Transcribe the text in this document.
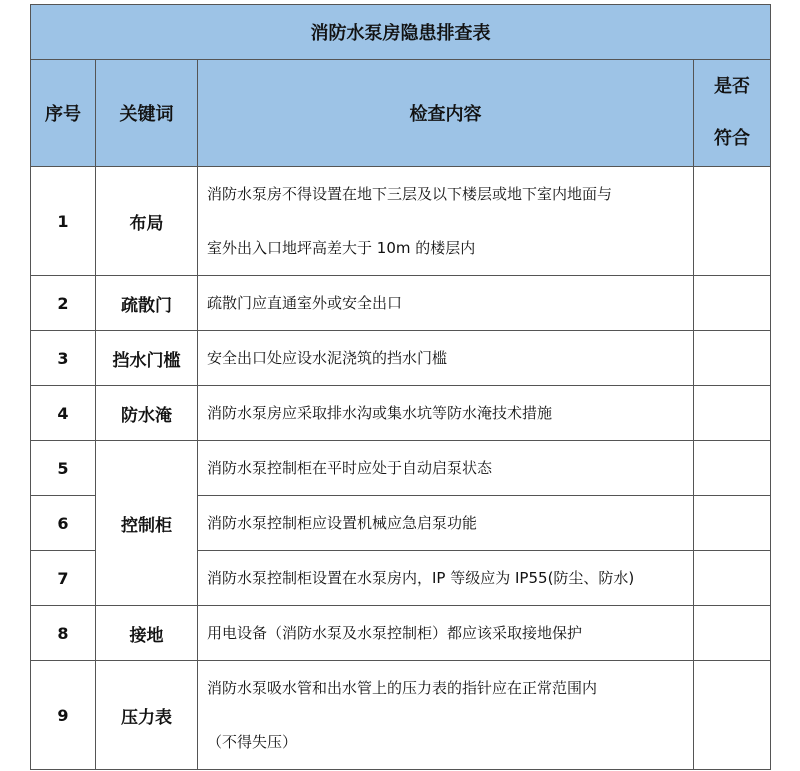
消防水泵房隐患排查表			
序号	关键词	检查内容	是否
符合
1	布局	消防水泵房不得设置在地下三层及以下楼层或地下室内地面与
室外出入口地坪高差大于 10m 的楼层内	

2	疏散门	疏散门应直通室外或安全出口	

3	挡水门槛	安全出口处应设水泥浇筑的挡水门槛	

4	防水淹	消防水泵房应采取排水沟或集水坑等防水淹技术措施	

5	控制柜	消防水泵控制柜在平时应处于自动启泵状态	

6		消防水泵控制柜应设置机械应急启泵功能	

7		消防水泵控制柜设置在水泵房内，IP 等级应为 IP55(防尘、防水)	

8	接地	用电设备（消防水泵及水泵控制柜）都应该采取接地保护	

9	压力表	消防水泵吸水管和出水管上的压力表的指针应在正常范围内
（不得失压）	
